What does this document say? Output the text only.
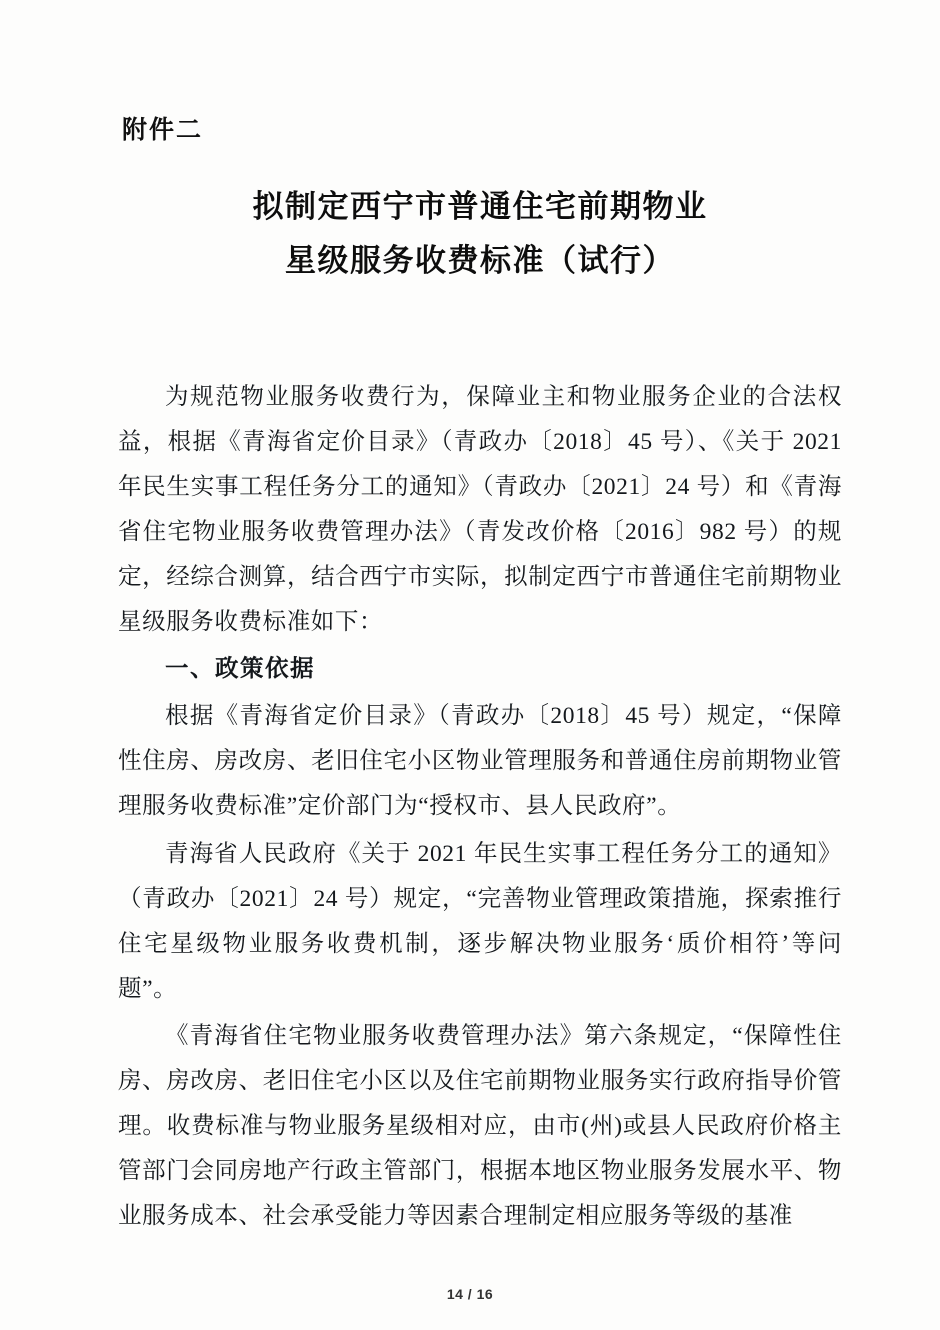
附件二
拟制定西宁市普通住宅前期物业
星级服务收费标准（试行）

为规范物业服务收费行为，保障业主和物业服务企业的合法权益，根据《青海省定价目录》（青政办〔2018〕45 号）、《关于 2021 年民生实事工程任务分工的通知》（青政办〔2021〕24 号）和《青海省住宅物业服务收费管理办法》（青发改价格〔2016〕982 号）的规定，经综合测算，结合西宁市实际，拟制定西宁市普通住宅前期物业星级服务收费标准如下：

一、政策依据

根据《青海省定价目录》（青政办〔2018〕45 号）规定，“保障性住房、房改房、老旧住宅小区物业管理服务和普通住房前期物业管理服务收费标准”定价部门为“授权市、县人民政府”。

青海省人民政府《关于 2021 年民生实事工程任务分工的通知》（青政办〔2021〕24 号）规定，“完善物业管理政策措施，探索推行住宅星级物业服务收费机制，逐步解决物业服务‘质价相符’等问题”。

《青海省住宅物业服务收费管理办法》第六条规定，“保障性住房、房改房、老旧住宅小区以及住宅前期物业服务实行政府指导价管理。收费标准与物业服务星级相对应，由市(州)或县人民政府价格主管部门会同房地产行政主管部门，根据本地区物业服务发展水平、物业服务成本、社会承受能力等因素合理制定相应服务等级的基准

14 / 16
